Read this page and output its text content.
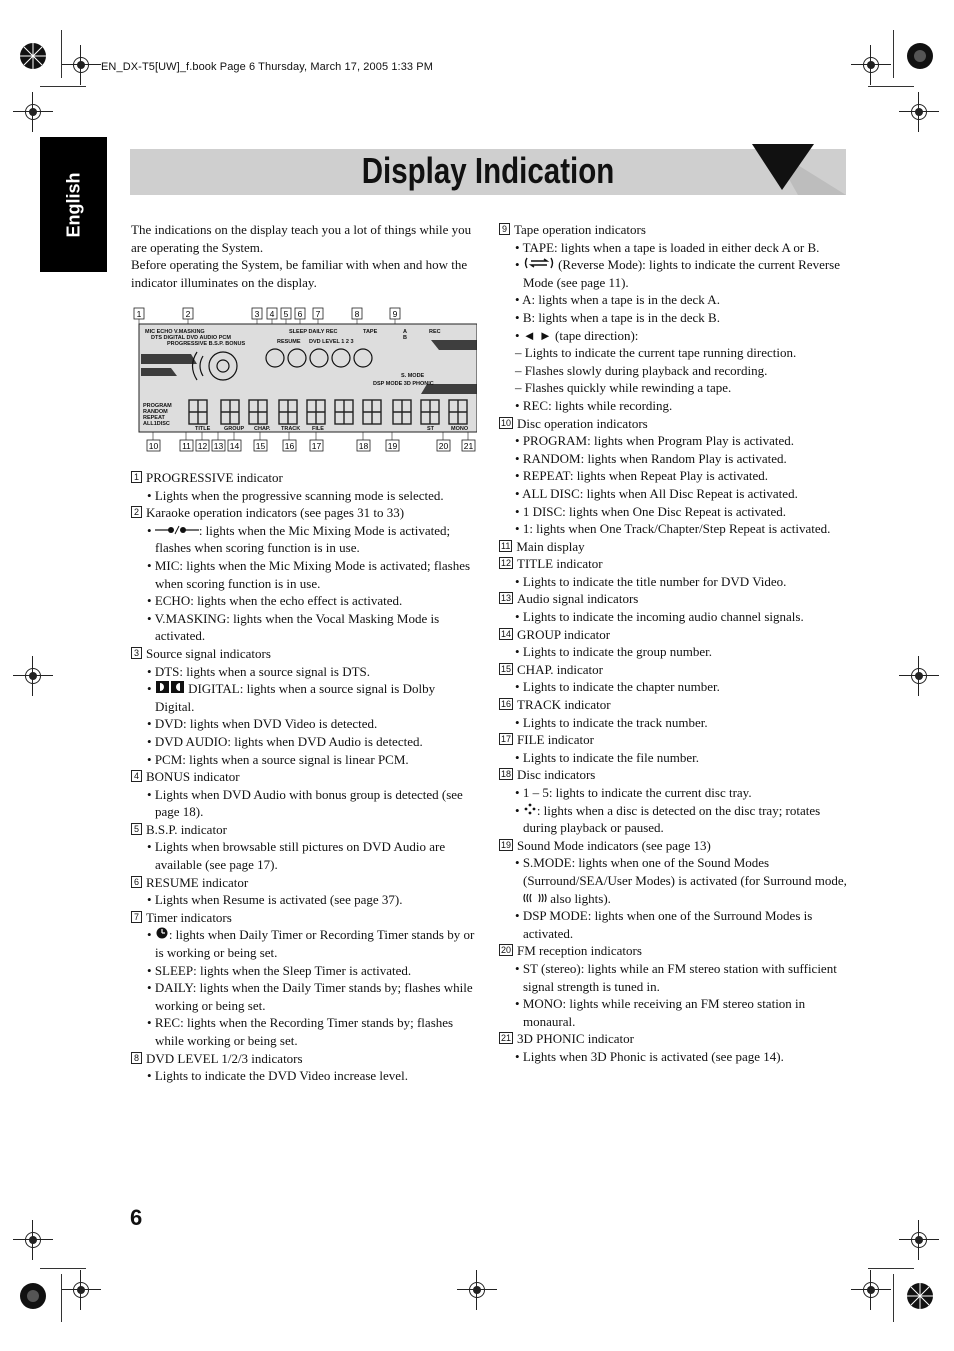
EN_DX-T5[UW]_f.book Page 6 Thursday, March 17, 2005 1:33 PM
English
Display Indication

The indications on the display teach you a lot of things while you are operating the System.

Before operating the System, be familiar with when and how the indicator illuminates on the display.

1	2	3 4 5 6 7	8	9
10	11 12 13 14 15 16 17	18 19	20 21
MIC ECHO V.MASKING
DTS DIGITAL DVD AUDIO PCM
PROGRESSIVE B.S.P. BONUS
SLEEP DAILY REC
RESUME DVD LEVEL 1 2 3
TAPE	A
B
REC
S. MODE
DSP MODE 3D PHONIC
PROGRAM
RANDOM
REPEAT
ALL1DISC
TITLE GROUP CHAP. TRACK FILE	ST	MONO
1 PROGRESSIVE indicator
• Lights when the progressive scanning mode is selected.
2 Karaoke operation indicators (see pages 31 to 33)
•	: lights when the Mic Mixing Mode is activated; flashes when scoring function is in use.
• MIC: lights when the Mic Mixing Mode is activated; flashes when scoring function is in use.
• ECHO: lights when the echo effect is activated.
• V.MASKING: lights when the Vocal Masking Mode is activated.
3 Source signal indicators
• DTS: lights when a source signal is DTS.
•  DIGITAL: lights when a source signal is Dolby Digital.
• DVD: lights when DVD Video is detected.
• DVD AUDIO: lights when DVD Audio is detected.
• PCM: lights when a source signal is linear PCM.
4 BONUS indicator
• Lights when DVD Audio with bonus group is detected (see page 18).
5 B.S.P. indicator
• Lights when browsable still pictures on DVD Audio are available (see page 17).
6 RESUME indicator
• Lights when Resume is activated (see page 37).
7 Timer indicators
• : lights when Daily Timer or Recording Timer stands by or is working or being set.
• SLEEP: lights when the Sleep Timer is activated.
• DAILY: lights when the Daily Timer stands by; flashes while working or being set.
• REC: lights when the Recording Timer stands by; flashes while working or being set.
8 DVD LEVEL 1/2/3 indicators
• Lights to indicate the DVD Video increase level.
9 Tape operation indicators
• TAPE: lights when a tape is loaded in either deck A or B.
•  (Reverse Mode): lights to indicate the current Reverse Mode (see page 11).
• A: lights when a tape is in the deck A.
• B: lights when a tape is in the deck B.
• ◄ ► (tape direction):
– Lights to indicate the current tape running direction.
– Flashes slowly during playback and recording.
– Flashes quickly while rewinding a tape.
• REC: lights while recording.
10 Disc operation indicators
• PROGRAM: lights when Program Play is activated.
• RANDOM: lights when Random Play is activated.
• REPEAT: lights when Repeat Play is activated.
• ALL DISC: lights when All Disc Repeat is activated.
• 1 DISC: lights when One Disc Repeat is activated.
• 1: lights when One Track/Chapter/Step Repeat is activated.
11 Main display
12 TITLE indicator
• Lights to indicate the title number for DVD Video.
13 Audio signal indicators
• Lights to indicate the incoming audio channel signals.
14 GROUP indicator
• Lights to indicate the group number.
15 CHAP. indicator
• Lights to indicate the chapter number.
16 TRACK indicator
• Lights to indicate the track number.
17 FILE indicator
• Lights to indicate the file number.
18 Disc indicators
• 1 – 5: lights to indicate the current disc tray.
• : lights when a disc is detected on the disc tray; rotates during playback or paused.
19 Sound Mode indicators (see page 13)
• S.MODE: lights when one of the Sound Modes (Surround/SEA/User Modes) is activated (for Surround mode,  also lights).
• DSP MODE: lights when one of the Surround Modes is activated.
20 FM reception indicators
• ST (stereo): lights while an FM stereo station with sufficient signal strength is tuned in.
• MONO: lights while receiving an FM stereo station in monaural.
21 3D PHONIC indicator
• Lights when 3D Phonic is activated (see page 14).
6
